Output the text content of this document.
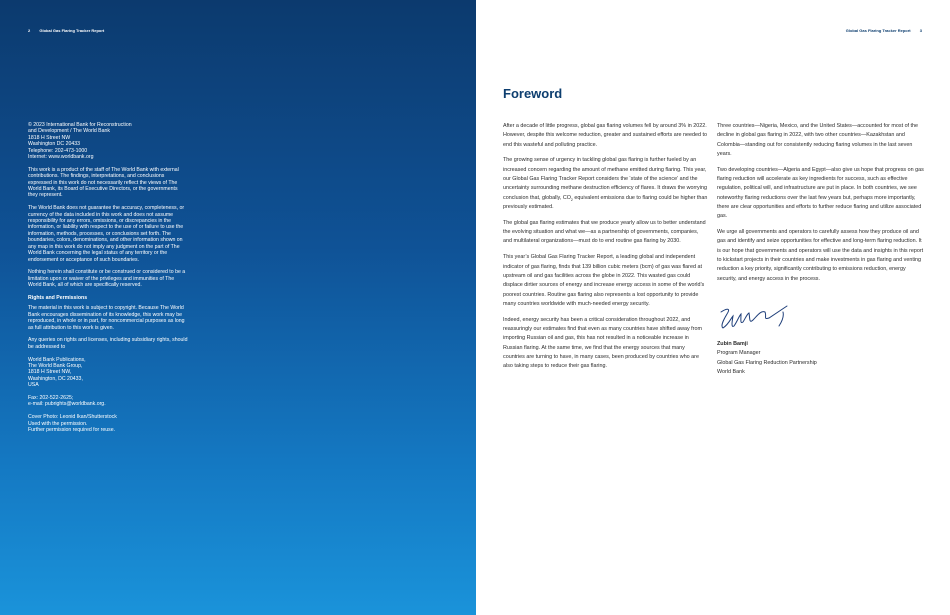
2 Global Gas Flaring Tracker Report

© 2023 International Bank for Reconstruction
and Development / The World Bank
1818 H Street NW
Washington DC 20433
Telephone: 202-473-1000
Internet: www.worldbank.org

This work is a product of the staff of The World Bank with external contributions. The findings, interpretations, and conclusions expressed in this work do not necessarily reflect the views of The World Bank, its Board of Executive Directors, or the governments they represent.

The World Bank does not guarantee the accuracy, completeness, or currency of the data included in this work and does not assume responsibility for any errors, omissions, or discrepancies in the information, or liability with respect to the use of or failure to use the information, methods, processes, or conclusions set forth. The boundaries, colors, denominations, and other information shown on any map in this work do not imply any judgment on the part of The World Bank concerning the legal status of any territory or the endorsement or acceptance of such boundaries.

Nothing herein shall constitute or be construed or considered to be a limitation upon or waiver of the privileges and immunities of The World Bank, all of which are specifically reserved.

Rights and Permissions

The material in this work is subject to copyright. Because The World Bank encourages dissemination of its knowledge, this work may be reproduced, in whole or in part, for noncommercial purposes as long as full attribution to this work is given.

Any queries on rights and licenses, including subsidiary rights, should be addressed to

World Bank Publications,
The World Bank Group,
1818 H Street NW,
Washington, DC 20433,
USA

Fax: 202-522-2625;
e-mail: pubrights@worldbank.org.

Cover Photo: Leonid Ikan/Shutterstock
Used with the permission.
Further permission required for reuse.

Global Gas Flaring Tracker Report 3
Foreword

After a decade of little progress, global gas flaring volumes fell by around 3% in 2022. However, despite this welcome reduction, greater and sustained efforts are needed to end this wasteful and polluting practice.

The growing sense of urgency in tackling global gas flaring is further fueled by an increased concern regarding the amount of methane emitted during flaring. This year, our Global Gas Flaring Tracker Report considers the ‘state of the science’ and the uncertainty surrounding methane destruction efficiency of flares. It draws the worrying conclusion that, globally, $CO_2$ equivalent emissions due to flaring could be higher than previously estimated.

The global gas flaring estimates that we produce yearly allow us to better understand the evolving situation and what we—as a partnership of governments, companies, and multilateral organizations—must do to end routine gas flaring by 2030.

This year’s Global Gas Flaring Tracker Report, a leading global and independent indicator of gas flaring, finds that 139 billion cubic meters (bcm) of gas was flared at upstream oil and gas facilities across the globe in 2022. This wasted gas could displace dirtier sources of energy and increase energy access in some of the world’s poorest countries. Routine gas flaring also represents a lost opportunity to provide many countries worldwide with much-needed energy security.

Indeed, energy security has been a critical consideration throughout 2022, and reassuringly our estimates find that even as many countries have shifted away from importing Russian oil and gas, this has not resulted in a noticeable increase in Russian flaring. At the same time, we find that the energy sources that many countries are turning to have, in many cases, been produced by countries who are also taking steps to reduce their gas flaring.

Three countries—Nigeria, Mexico, and the United States—accounted for most of the decline in global gas flaring in 2022, with two other countries—Kazakhstan and Colombia—standing out for consistently reducing flaring volumes in the last seven years.

Two developing countries—Algeria and Egypt—also give us hope that progress on gas flaring reduction will accelerate as key ingredients for success, such as effective regulation, political will, and infrastructure are put in place. In both countries, we see noteworthy flaring reductions over the last few years but, perhaps more importantly, there are clear opportunities and efforts to further reduce flaring and utilize associated gas.

We urge all governments and operators to carefully assess how they produce oil and gas and identify and seize opportunities for effective and long-term flaring reduction. It is our hope that governments and operators will use the data and insights in this report to kickstart projects in their countries and make investments in gas flaring and venting reduction a key priority, significantly contributing to emissions reduction, energy security, and energy access in the process.

Zubin Bamji
Program Manager
Global Gas Flaring Reduction Partnership
World Bank
